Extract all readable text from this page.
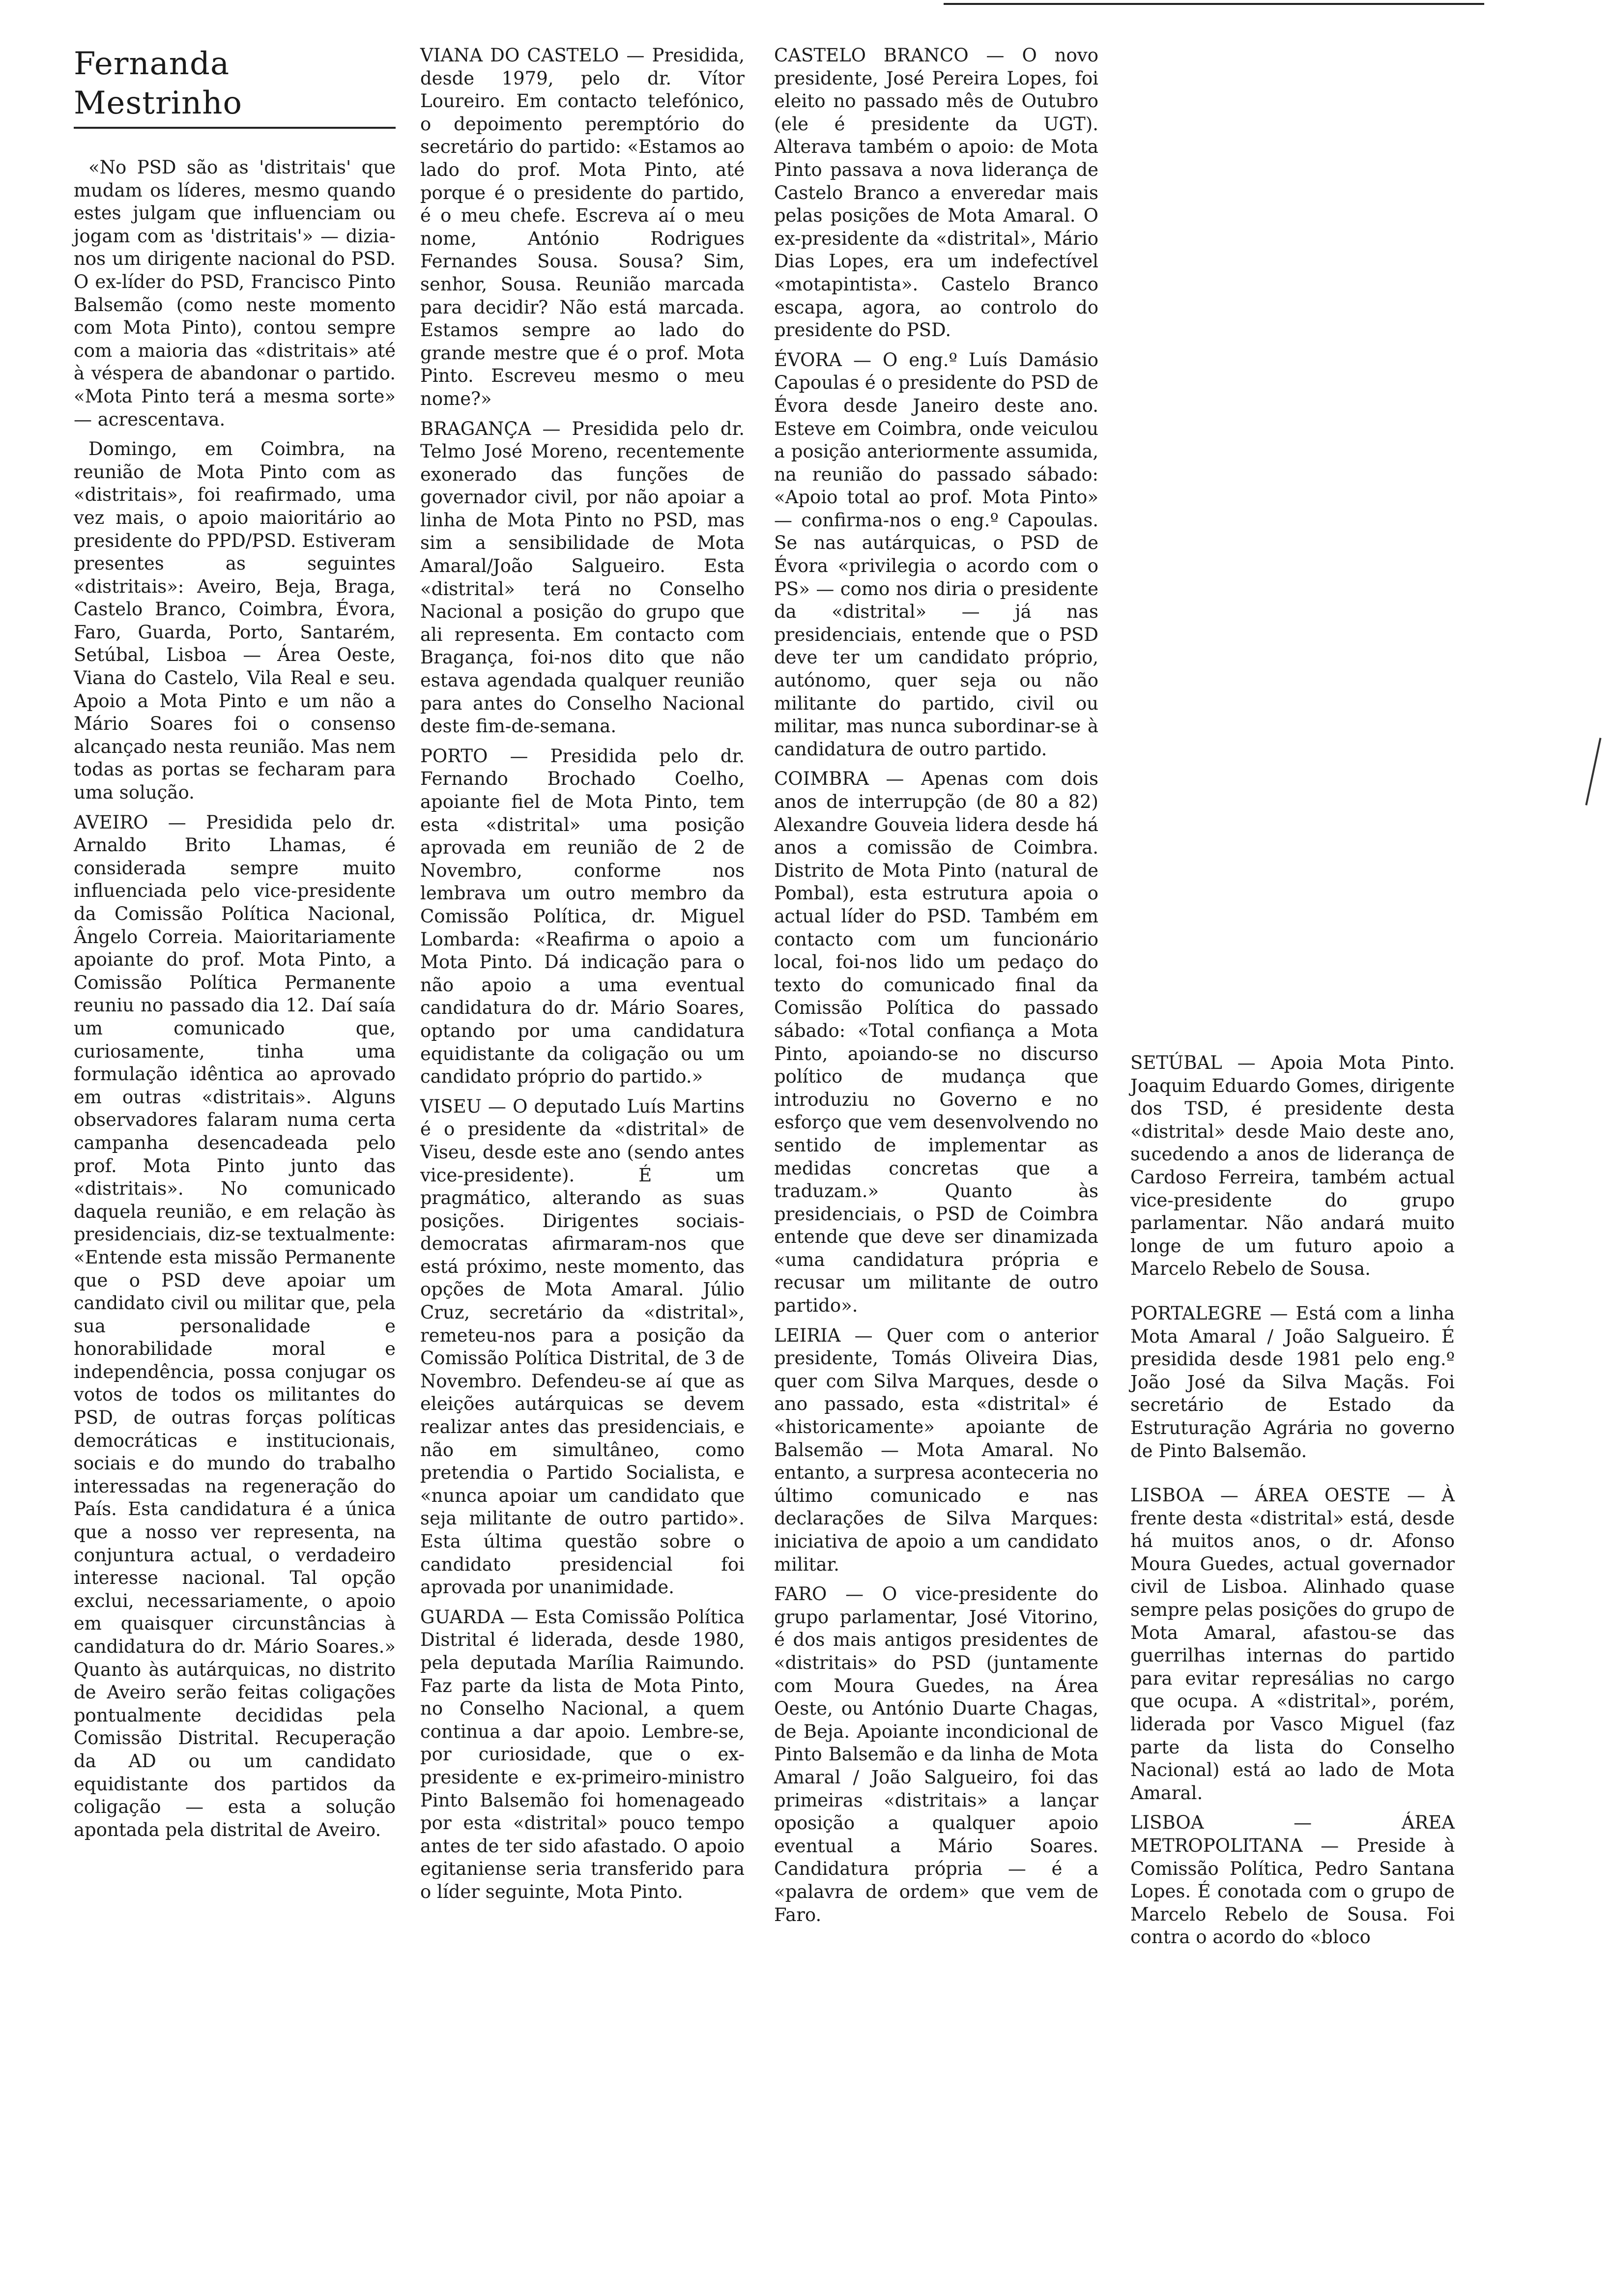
Fernanda Mestrinho

«No PSD são as 'distritais' que mudam os líderes, mesmo quando estes julgam que influenciam ou jogam com as 'distritais'» — dizia-nos um dirigente nacional do PSD. O ex-líder do PSD, Francisco Pinto Balsemão (como neste momento com Mota Pinto), contou sempre com a maioria das «distritais» até à véspera de abandonar o partido. «Mota Pinto terá a mesma sorte» — acrescentava.

Domingo, em Coimbra, na reunião de Mota Pinto com as «distritais», foi reafirmado, uma vez mais, o apoio maioritário ao presidente do PPD/PSD. Estiveram presentes as seguintes «distritais»: Aveiro, Beja, Braga, Castelo Branco, Coimbra, Évora, Faro, Guarda, Porto, Santarém, Setúbal, Lisboa — Área Oeste, Viana do Castelo, Vila Real e seu. Apoio a Mota Pinto e um não a Mário Soares foi o consenso alcançado nesta reunião. Mas nem todas as portas se fecharam para uma solução.

AVEIRO — Presidida pelo dr. Arnaldo Brito Lhamas, é considerada sempre muito influenciada pelo vice-presidente da Comissão Política Nacional, Ângelo Correia. Maioritariamente apoiante do prof. Mota Pinto, a Comissão Política Permanente reuniu no passado dia 12. Daí saía um comunicado que, curiosamente, tinha uma formulação idêntica ao aprovado em outras «distritais». Alguns observadores falaram numa certa campanha desencadeada pelo prof. Mota Pinto junto das «distritais». No comunicado daquela reunião, e em relação às presidenciais, diz-se textualmente: «Entende esta missão Permanente que o PSD deve apoiar um candidato civil ou militar que, pela sua personalidade e honorabilidade moral e independência, possa conjugar os votos de todos os militantes do PSD, de outras forças políticas democráticas e institucionais, sociais e do mundo do trabalho interessadas na regeneração do País. Esta candidatura é a única que a nosso ver representa, na conjuntura actual, o verdadeiro interesse nacional. Tal opção exclui, necessariamente, o apoio em quaisquer circunstâncias à candidatura do dr. Mário Soares.» Quanto às autárquicas, no distrito de Aveiro serão feitas coligações pontualmente decididas pela Comissão Distrital. Recuperação da AD ou um candidato equidistante dos partidos da coligação — esta a solução apontada pela distrital de Aveiro.

VIANA DO CASTELO — Presidida, desde 1979, pelo dr. Vítor Loureiro. Em contacto telefónico, o depoimento peremptório do secretário do partido: «Estamos ao lado do prof. Mota Pinto, até porque é o presidente do partido, é o meu chefe. Escreva aí o meu nome, António Rodrigues Fernandes Sousa. Sousa? Sim, senhor, Sousa. Reunião marcada para decidir? Não está marcada. Estamos sempre ao lado do grande mestre que é o prof. Mota Pinto. Escreveu mesmo o meu nome?»

BRAGANÇA — Presidida pelo dr. Telmo José Moreno, recentemente exonerado das funções de governador civil, por não apoiar a linha de Mota Pinto no PSD, mas sim a sensibilidade de Mota Amaral/João Salgueiro. Esta «distrital» terá no Conselho Nacional a posição do grupo que ali representa. Em contacto com Bragança, foi-nos dito que não estava agendada qualquer reunião para antes do Conselho Nacional deste fim-de-semana.

PORTO — Presidida pelo dr. Fernando Brochado Coelho, apoiante fiel de Mota Pinto, tem esta «distrital» uma posição aprovada em reunião de 2 de Novembro, conforme nos lembrava um outro membro da Comissão Política, dr. Miguel Lombarda: «Reafirma o apoio a Mota Pinto. Dá indicação para o não apoio a uma eventual candidatura do dr. Mário Soares, optando por uma candidatura equidistante da coligação ou um candidato próprio do partido.»

VISEU — O deputado Luís Martins é o presidente da «distrital» de Viseu, desde este ano (sendo antes vice-presidente). É um pragmático, alterando as suas posições. Dirigentes sociais-democratas afirmaram-nos que está próximo, neste momento, das opções de Mota Amaral. Júlio Cruz, secretário da «distrital», remeteu-nos para a posição da Comissão Política Distrital, de 3 de Novembro. Defendeu-se aí que as eleições autárquicas se devem realizar antes das presidenciais, e não em simultâneo, como pretendia o Partido Socialista, e «nunca apoiar um candidato que seja militante de outro partido». Esta última questão sobre o candidato presidencial foi aprovada por unanimidade.

GUARDA — Esta Comissão Política Distrital é liderada, desde 1980, pela deputada Marília Raimundo. Faz parte da lista de Mota Pinto, no Conselho Nacional, a quem continua a dar apoio. Lembre-se, por curiosidade, que o ex-presidente e ex-primeiro-ministro Pinto Balsemão foi homenageado por esta «distrital» pouco tempo antes de ter sido afastado. O apoio egitaniense seria transferido para o líder seguinte, Mota Pinto.

CASTELO BRANCO — O novo presidente, José Pereira Lopes, foi eleito no passado mês de Outubro (ele é presidente da UGT). Alterava também o apoio: de Mota Pinto passava a nova liderança de Castelo Branco a enveredar mais pelas posições de Mota Amaral. O ex-presidente da «distrital», Mário Dias Lopes, era um indefectível «motapintista». Castelo Branco escapa, agora, ao controlo do presidente do PSD.

ÉVORA — O eng.º Luís Damásio Capoulas é o presidente do PSD de Évora desde Janeiro deste ano. Esteve em Coimbra, onde veiculou a posição anteriormente assumida, na reunião do passado sábado: «Apoio total ao prof. Mota Pinto» — confirma-nos o eng.º Capoulas. Se nas autárquicas, o PSD de Évora «privilegia o acordo com o PS» — como nos diria o presidente da «distrital» — já nas presidenciais, entende que o PSD deve ter um candidato próprio, autónomo, quer seja ou não militante do partido, civil ou militar, mas nunca subordinar-se à candidatura de outro partido.

COIMBRA — Apenas com dois anos de interrupção (de 80 a 82) Alexandre Gouveia lidera desde há anos a comissão de Coimbra. Distrito de Mota Pinto (natural de Pombal), esta estrutura apoia o actual líder do PSD. Também em contacto com um funcionário local, foi-nos lido um pedaço do texto do comunicado final da Comissão Política do passado sábado: «Total confiança a Mota Pinto, apoiando-se no discurso político de mudança que introduziu no Governo e no esforço que vem desenvolvendo no sentido de implementar as medidas concretas que a traduzam.» Quanto às presidenciais, o PSD de Coimbra entende que deve ser dinamizada «uma candidatura própria e recusar um militante de outro partido».

LEIRIA — Quer com o anterior presidente, Tomás Oliveira Dias, quer com Silva Marques, desde o ano passado, esta «distrital» é «historicamente» apoiante de Balsemão — Mota Amaral. No entanto, a surpresa aconteceria no último comunicado e nas declarações de Silva Marques: iniciativa de apoio a um candidato militar.

FARO — O vice-presidente do grupo parlamentar, José Vitorino, é dos mais antigos presidentes de «distritais» do PSD (juntamente com Moura Guedes, na Área Oeste, ou António Duarte Chagas, de Beja. Apoiante incondicional de Pinto Balsemão e da linha de Mota Amaral / João Salgueiro, foi das primeiras «distritais» a lançar oposição a qualquer apoio eventual a Mário Soares. Candidatura própria — é a «palavra de ordem» que vem de Faro.

SETÚBAL — Apoia Mota Pinto. Joaquim Eduardo Gomes, dirigente dos TSD, é presidente desta «distrital» desde Maio deste ano, sucedendo a anos de liderança de Cardoso Ferreira, também actual vice-presidente do grupo parlamentar. Não andará muito longe de um futuro apoio a Marcelo Rebelo de Sousa.

PORTALEGRE — Está com a linha Mota Amaral / João Salgueiro. É presidida desde 1981 pelo eng.º João José da Silva Maçãs. Foi secretário de Estado da Estruturação Agrária no governo de Pinto Balsemão.

LISBOA — ÁREA OESTE — À frente desta «distrital» está, desde há muitos anos, o dr. Afonso Moura Guedes, actual governador civil de Lisboa. Alinhado quase sempre pelas posições do grupo de Mota Amaral, afastou-se das guerrilhas internas do partido para evitar represálias no cargo que ocupa. A «distrital», porém, liderada por Vasco Miguel (faz parte da lista do Conselho Nacional) está ao lado de Mota Amaral.

LISBOA — ÁREA METROPOLITANA — Preside à Comissão Política, Pedro Santana Lopes. É conotada com o grupo de Marcelo Rebelo de Sousa. Foi contra o acordo do «bloco
